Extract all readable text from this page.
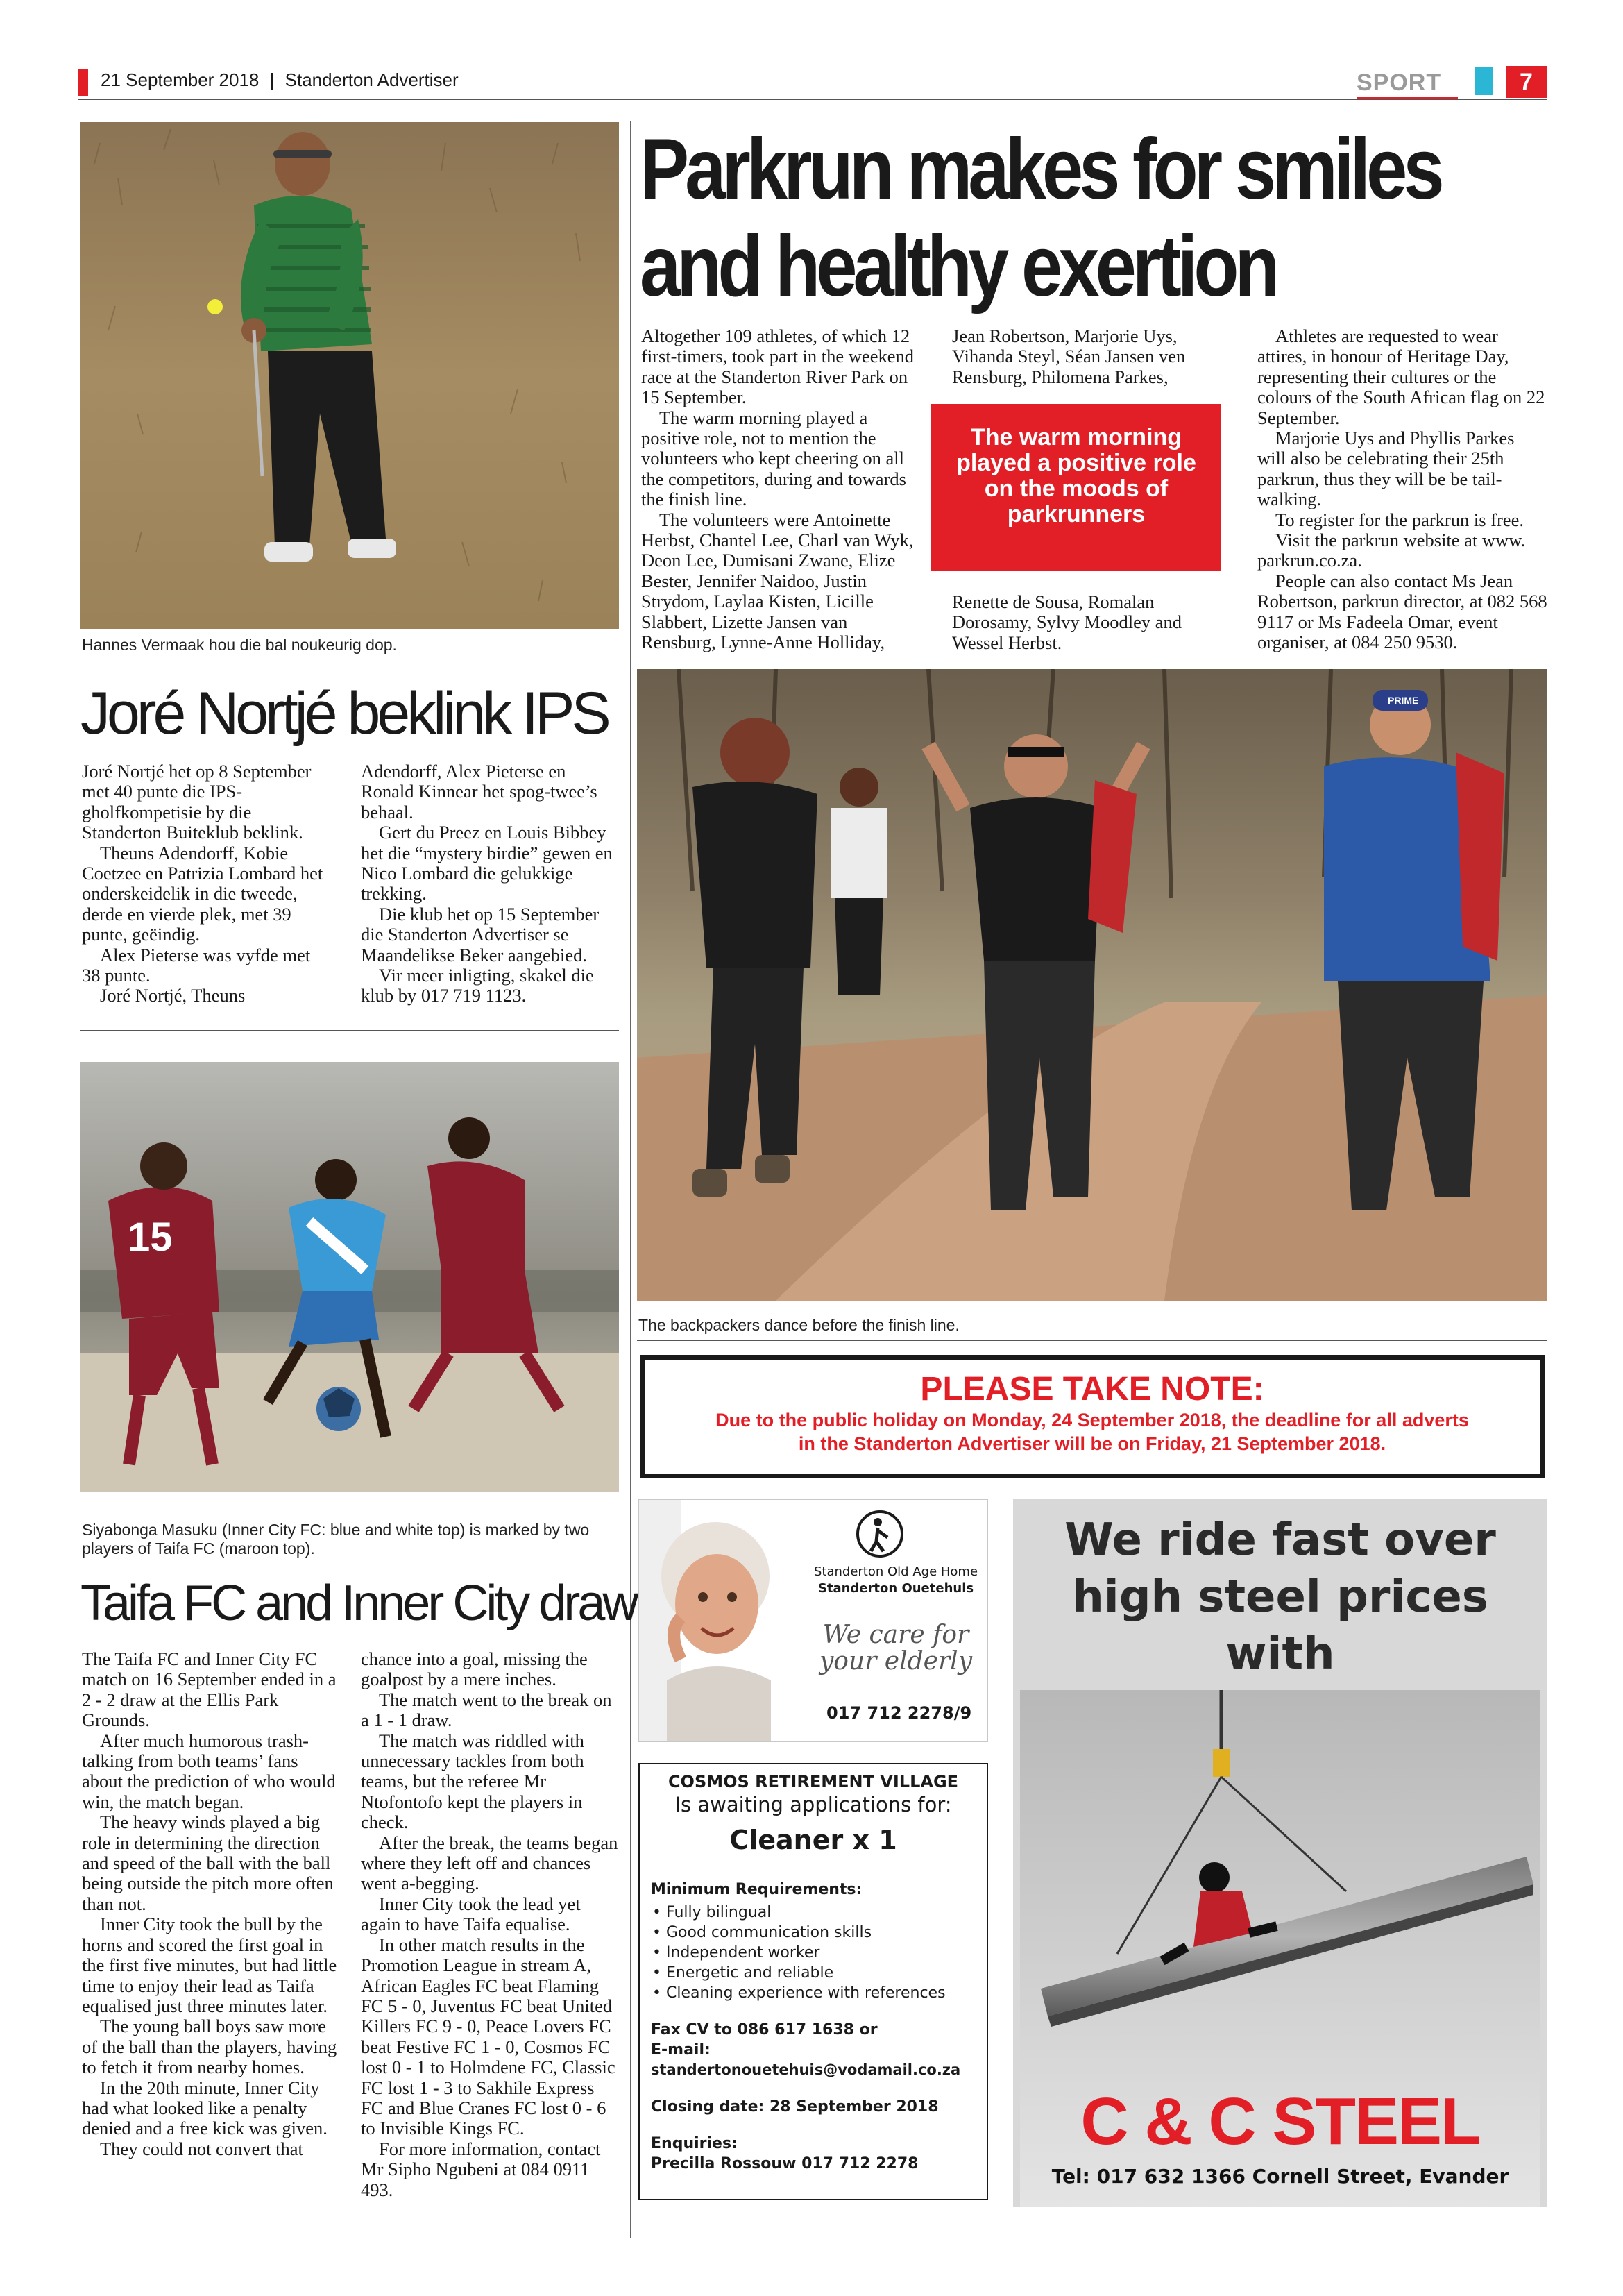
21 September 2018 | Standerton Advertiser	SPORT	7
Hannes Vermaak hou die bal noukeurig dop.
Joré Nortjé beklink IPS

Joré Nortjé het op 8 September met 40 punte die IPS-gholfkompetisie by die Standerton Buiteklub beklink.

Theuns Adendorff, Kobie Coetzee en Patrizia Lombard het onderskeidelik in die tweede, derde en vierde plek, met 39 punte, geëindig.

Alex Pieterse was vyfde met 38 punte.

Joré Nortjé, Theuns

Adendorff, Alex Pieterse en Ronald Kinnear het spog-twee’s behaal.

Gert du Preez en Louis Bibbey het die “mystery birdie” gewen en Nico Lombard die gelukkige trekking.

Die klub het op 15 September die Standerton Advertiser se Maandelikse Beker aangebied.

Vir meer inligting, skakel die klub by 017 719 1123.

15
Siyabonga Masuku (Inner City FC: blue and white top) is marked by two players of Taifa FC (maroon top).
Taifa FC and Inner City draw

The Taifa FC and Inner City FC match on 16 September ended in a 2 - 2 draw at the Ellis Park Grounds.

After much humorous trash-talking from both teams’ fans about the prediction of who would win, the match began.

The heavy winds played a big role in determining the direction and speed of the ball with the ball being outside the pitch more often than not.

Inner City took the bull by the horns and scored the first goal in the first five minutes, but had little time to enjoy their lead as Taifa equalised just three minutes later.

The young ball boys saw more of the ball than the players, having to fetch it from nearby homes.

In the 20th minute, Inner City had what looked like a penalty denied and a free kick was given.

They could not convert that

chance into a goal, missing the goalpost by a mere inches.

The match went to the break on a 1 - 1 draw.

The match was riddled with unnecessary tackles from both teams, but the referee Mr Ntofontofo kept the players in check.

After the break, the teams began where they left off and chances went a-begging.

Inner City took the lead yet again to have Taifa equalise.

In other match results in the Promotion League in stream A, African Eagles FC beat Flaming FC 5 - 0, Juventus FC beat United Killers FC 9 - 0, Peace Lovers FC beat Festive FC 1 - 0, Cosmos FC lost 0 - 1 to Holmdene FC, Classic FC lost 1 - 3 to Sakhile Express FC and Blue Cranes FC lost 0 - 6 to Invisible Kings FC.

For more information, contact Mr Sipho Ngubeni at 084 0911 493.

Parkrun makes for smiles
and healthy exertion

Altogether 109 athletes, of which 12 first-timers, took part in the weekend race at the Standerton River Park on 15 September.

The warm morning played a positive role, not to mention the volunteers who kept cheering on all the competitors, during and towards the finish line.

The volunteers were Antoinette Herbst, Chantel Lee, Charl van Wyk, Deon Lee, Dumisani Zwane, Elize Bester, Jennifer Naidoo, Justin Strydom, Laylaa Kisten, Licille Slabbert, Lizette Jansen van Rensburg, Lynne-Anne Holliday,

Jean Robertson, Marjorie Uys, Vihanda Steyl, Séan Jansen ven Rensburg, Philomena Parkes,

The warm morning played a positive role on the moods of parkrunners

Renette de Sousa, Romalan Dorosamy, Sylvy Moodley and Wessel Herbst.

Athletes are requested to wear attires, in honour of Heritage Day, representing their cultures or the colours of the South African flag on 22 September.

Marjorie Uys and Phyllis Parkes will also be celebrating their 25th parkrun, thus they will be be tail-walking.

To register for the parkrun is free.

Visit the parkrun website at www. parkrun.co.za.

People can also contact Ms Jean Robertson, parkrun director, at 082 568 9117 or Ms Fadeela Omar, event organiser, at 084 250 9530.

PRIME
The backpackers dance before the finish line.
PLEASE TAKE NOTE:
Due to the public holiday on Monday, 24 September 2018, the deadline for all adverts
in the Standerton Advertiser will be on Friday, 21 September 2018.
Standerton Old Age Home
Standerton Ouetehuis
We care for
your elderly
017 712 2278/9
COSMOS RETIREMENT VILLAGE
Is awaiting applications for:
Cleaner x 1
Minimum Requirements:
• Fully bilingual
• Good communication skills
• Independent worker
• Energetic and reliable
• Cleaning experience with references
Fax CV to 086 617 1638 or
E-mail:
standertonouetehuis@vodamail.co.za
Closing date: 28 September 2018
Enquiries:
Precilla Rossouw 017 712 2278
We ride fast over
high steel prices with
C & C STEEL
Tel: 017 632 1366 Cornell Street, Evander
